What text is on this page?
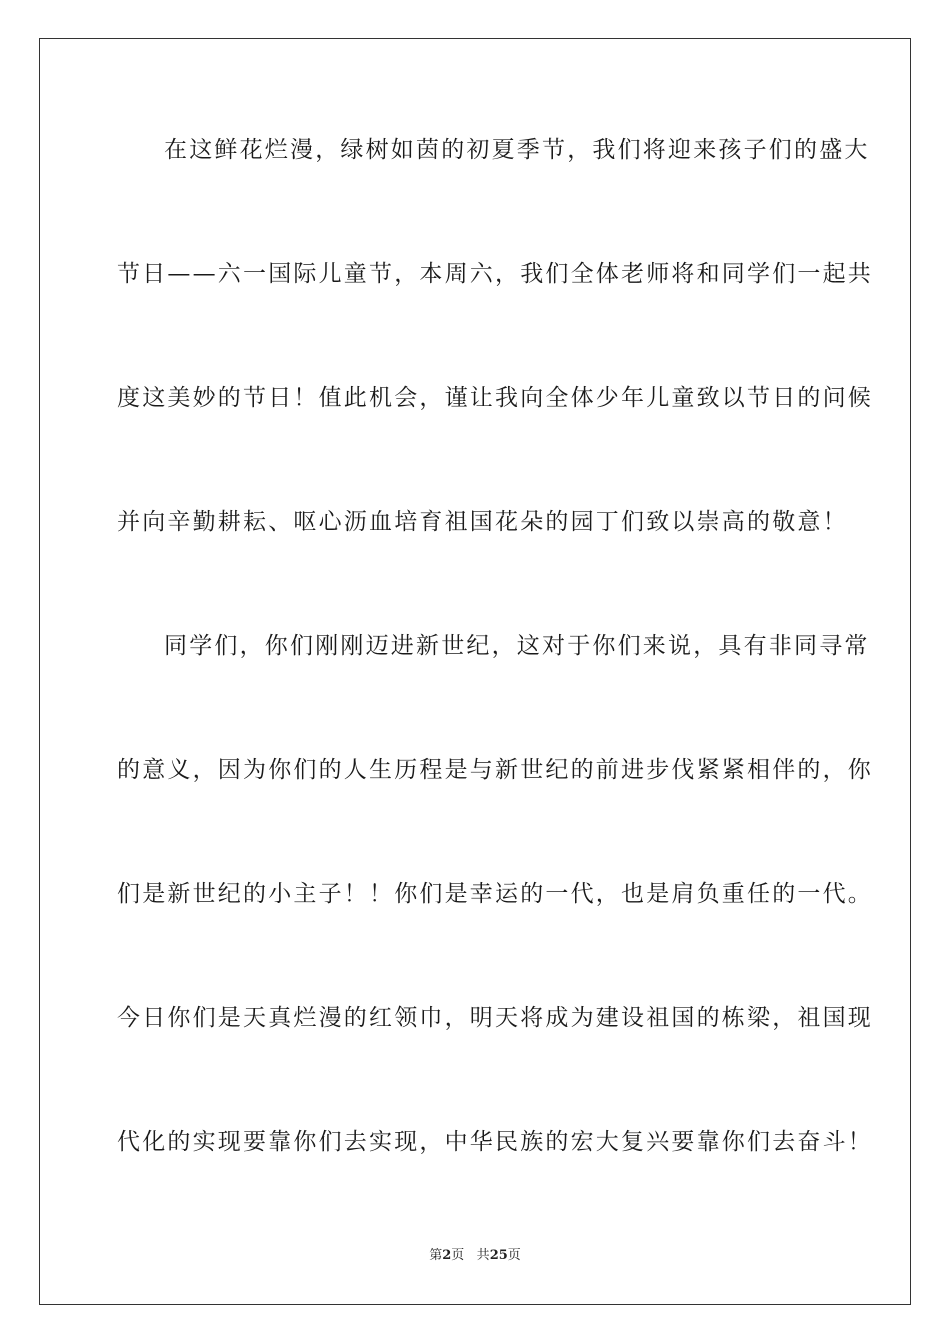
在这鲜花烂漫，绿树如茵的初夏季节，我们将迎来孩子们的盛大
节日——六一国际儿童节，本周六，我们全体老师将和同学们一起共
度这美妙的节日！值此机会，谨让我向全体少年儿童致以节日的问候
并向辛勤耕耘、呕心沥血培育祖国花朵的园丁们致以崇高的敬意！
同学们，你们刚刚迈进新世纪，这对于你们来说，具有非同寻常
的意义，因为你们的人生历程是与新世纪的前进步伐紧紧相伴的，你
们是新世纪的小主子！！你们是幸运的一代，也是肩负重任的一代。
今日你们是天真烂漫的红领巾，明天将成为建设祖国的栋梁，祖国现
代化的实现要靠你们去实现，中华民族的宏大复兴要靠你们去奋斗！
第2页 共25页
